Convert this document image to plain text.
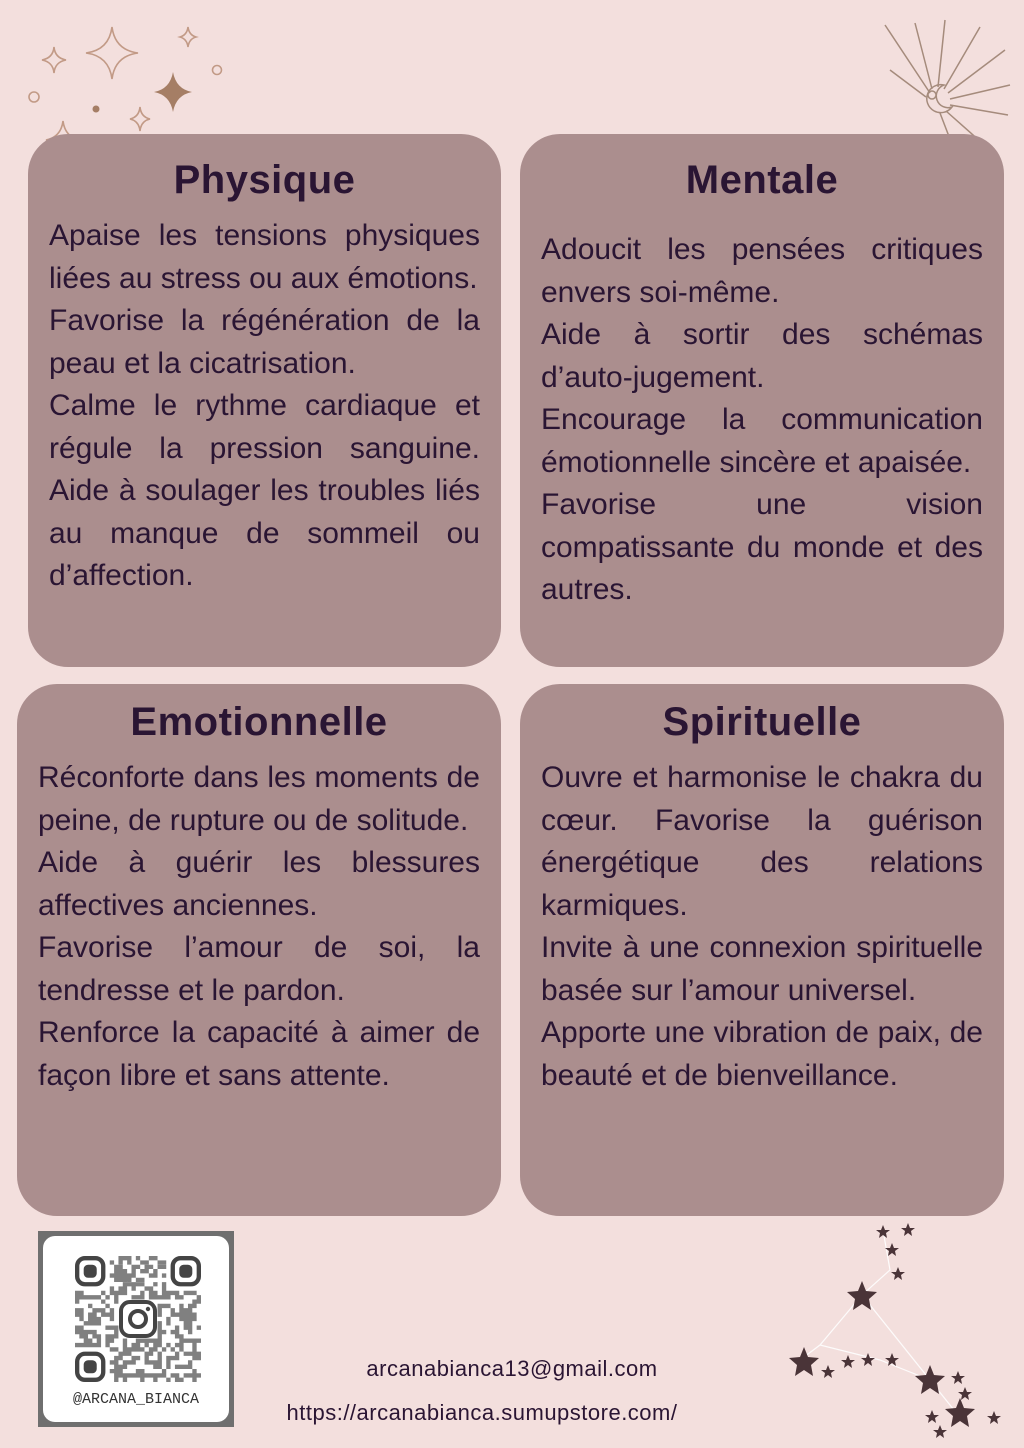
Physique

Apaise les tensions physiques liées au stress ou aux émotions.

Favorise la régénération de la peau et la cicatrisation.

Calme le rythme cardiaque et régule la pression sanguine. Aide à soulager les troubles liés au manque de sommeil ou d’affection.

Mentale

Adoucit les pensées critiques envers soi-même.

Aide à sortir des schémas d’auto-jugement.

Encourage la communication émotionnelle sincère et apaisée.

Favorise une vision compatissante du monde et des autres.

Emotionnelle

Réconforte dans les moments de peine, de rupture ou de solitude.

Aide à guérir les blessures affectives anciennes.

Favorise l’amour de soi, la tendresse et le pardon.

Renforce la capacité à aimer de façon libre et sans attente.

Spirituelle

Ouvre et harmonise le chakra du cœur. Favorise la guérison énergétique des relations karmiques.

Invite à une connexion spirituelle basée sur l’amour universel.

Apporte une vibration de paix, de beauté et de bienveillance.

@ARCANA_BIANCA
arcanabianca13@gmail.com
https://arcanabianca.sumupstore.com/
